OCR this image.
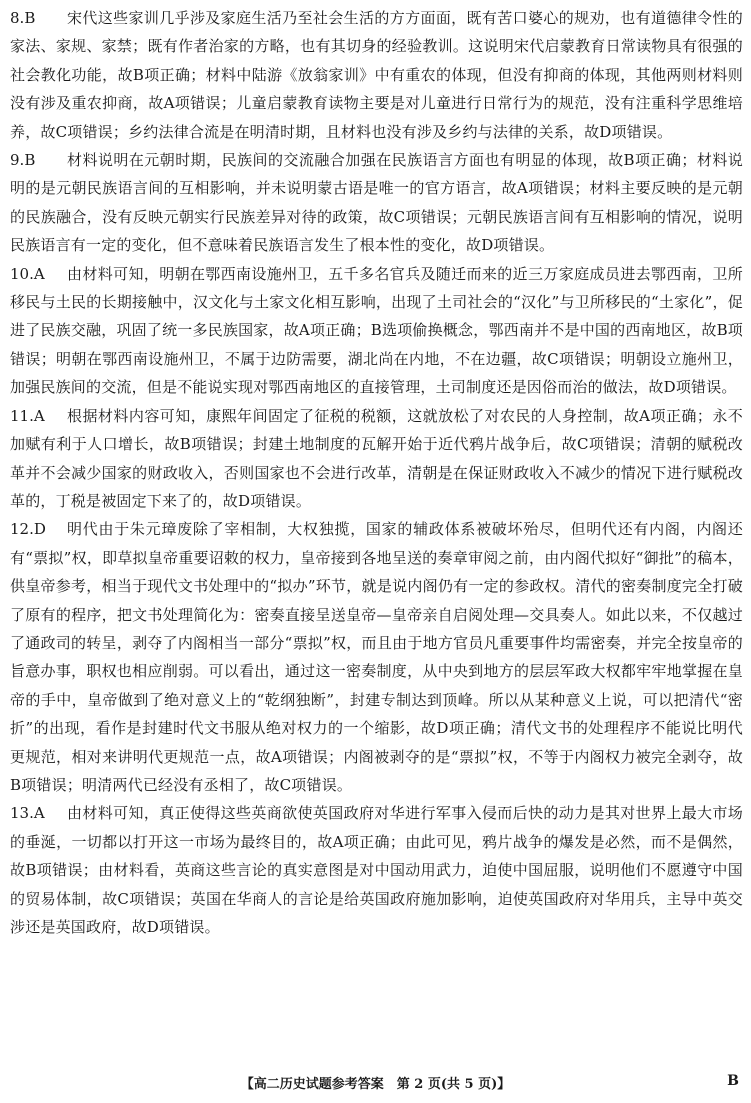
8.B	宋代这些家训几乎涉及家庭生活乃至社会生活的方方面面，既有苦口婆心的规劝，也有道德律令性的家法、家规、家禁；既有作者治家的方略，也有其切身的经验教训。这说明宋代启蒙教育日常读物具有很强的社会教化功能，故B项正确；材料中陆游《放翁家训》中有重农的体现，但没有抑商的体现，其他两则材料则没有涉及重农抑商，故A项错误；儿童启蒙教育读物主要是对儿童进行日常行为的规范，没有注重科学思维培养，故C项错误；乡约法律合流是在明清时期，且材料也没有涉及乡约与法律的关系，故D项错误。
9.B	材料说明在元朝时期，民族间的交流融合加强在民族语言方面也有明显的体现，故B项正确；材料说明的是元朝民族语言间的互相影响，并未说明蒙古语是唯一的官方语言，故A项错误；材料主要反映的是元朝的民族融合，没有反映元朝实行民族差异对待的政策，故C项错误；元朝民族语言间有互相影响的情况，说明民族语言有一定的变化，但不意味着民族语言发生了根本性的变化，故D项错误。
10.A	由材料可知，明朝在鄂西南设施州卫，五千多名官兵及随迁而来的近三万家庭成员进去鄂西南，卫所移民与土民的长期接触中，汉文化与土家文化相互影响，出现了土司社会的“汉化”与卫所移民的“土家化”，促进了民族交融，巩固了统一多民族国家，故A项正确；B选项偷换概念，鄂西南并不是中国的西南地区，故B项错误；明朝在鄂西南设施州卫，不属于边防需要，湖北尚在内地，不在边疆，故C项错误；明朝设立施州卫，加强民族间的交流，但是不能说实现对鄂西南地区的直接管理，土司制度还是因俗而治的做法，故D项错误。
11.A	根据材料内容可知，康熙年间固定了征税的税额，这就放松了对农民的人身控制，故A项正确；永不加赋有利于人口增长，故B项错误；封建土地制度的瓦解开始于近代鸦片战争后，故C项错误；清朝的赋税改革并不会减少国家的财政收入，否则国家也不会进行改革，清朝是在保证财政收入不减少的情况下进行赋税改革的，丁税是被固定下来了的，故D项错误。
12.D	明代由于朱元璋废除了宰相制，大权独揽，国家的辅政体系被破坏殆尽，但明代还有内阁，内阁还有“票拟”权，即草拟皇帝重要诏敕的权力，皇帝接到各地呈送的奏章审阅之前，由内阁代拟好“御批”的稿本，供皇帝参考，相当于现代文书处理中的“拟办”环节，就是说内阁仍有一定的参政权。清代的密奏制度完全打破了原有的程序，把文书处理简化为：密奏直接呈送皇帝—皇帝亲自启阅处理—交具奏人。如此以来，不仅越过了通政司的转呈，剥夺了内阁相当一部分“票拟”权，而且由于地方官员凡重要事件均需密奏，并完全按皇帝的旨意办事，职权也相应削弱。可以看出，通过这一密奏制度，从中央到地方的层层军政大权都牢牢地掌握在皇帝的手中，皇帝做到了绝对意义上的“乾纲独断”，封建专制达到顶峰。所以从某种意义上说，可以把清代“密折”的出现，看作是封建时代文书服从绝对权力的一个缩影，故D项正确；清代文书的处理程序不能说比明代更规范，相对来讲明代更规范一点，故A项错误；内阁被剥夺的是“票拟”权，不等于内阁权力被完全剥夺，故B项错误；明清两代已经没有丞相了，故C项错误。
13.A	由材料可知，真正使得这些英商欲使英国政府对华进行军事入侵而后快的动力是其对世界上最大市场的垂涎，一切都以打开这一市场为最终目的，故A项正确；由此可见，鸦片战争的爆发是必然，而不是偶然，故B项错误；由材料看，英商这些言论的真实意图是对中国动用武力，迫使中国屈服，说明他们不愿遵守中国的贸易体制，故C项错误；英国在华商人的言论是给英国政府施加影响，迫使英国政府对华用兵，主导中英交涉还是英国政府，故D项错误。
【高二历史试题参考答案　第 2 页(共 5 页)】	B
